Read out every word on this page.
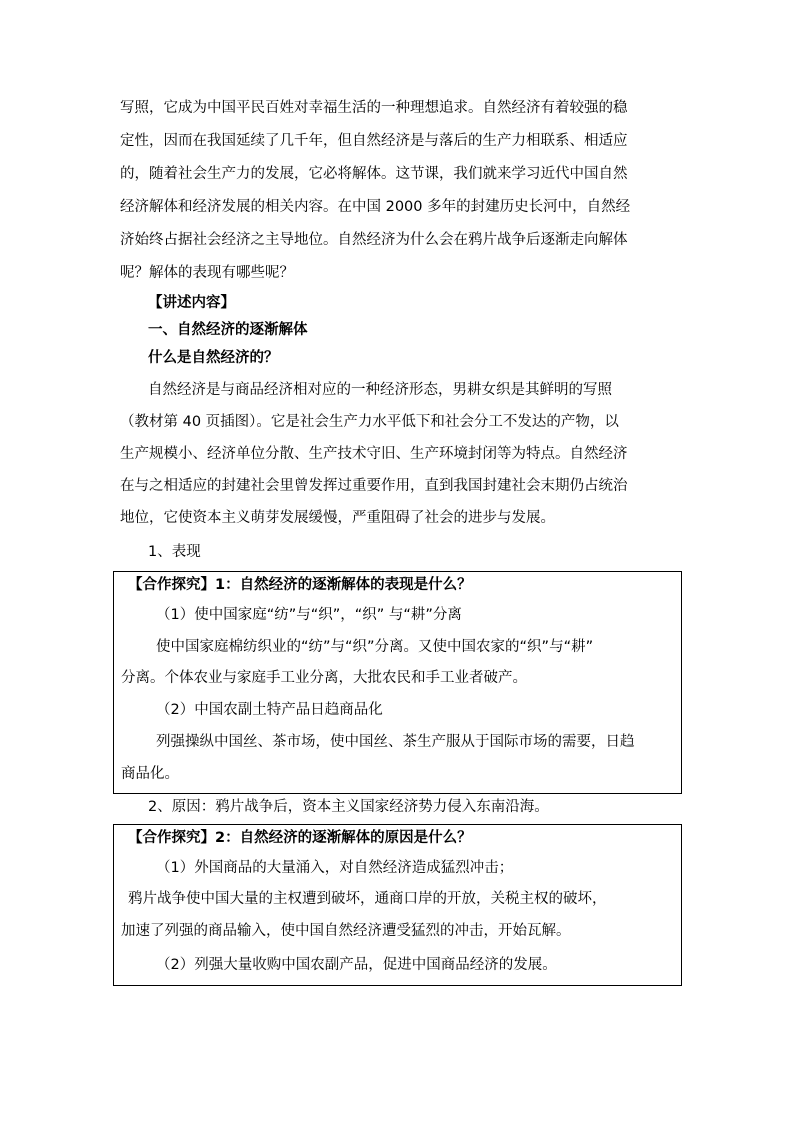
写照，它成为中国平民百姓对幸福生活的一种理想追求。自然经济有着较强的稳
定性，因而在我国延续了几千年，但自然经济是与落后的生产力相联系、相适应
的，随着社会生产力的发展，它必将解体。这节课，我们就来学习近代中国自然
经济解体和经济发展的相关内容。在中国 2000 多年的封建历史长河中，自然经
济始终占据社会经济之主导地位。自然经济为什么会在鸦片战争后逐渐走向解体
呢？解体的表现有哪些呢？
【讲述内容】
一、自然经济的逐渐解体
什么是自然经济的？
自然经济是与商品经济相对应的一种经济形态，男耕女织是其鲜明的写照
（教材第 40 页插图）。它是社会生产力水平低下和社会分工不发达的产物，以
生产规模小、经济单位分散、生产技术守旧、生产环境封闭等为特点。自然经济
在与之相适应的封建社会里曾发挥过重要作用，直到我国封建社会末期仍占统治
地位，它使资本主义萌芽发展缓慢，严重阻碍了社会的进步与发展。
1、表现
【合作探究】1：自然经济的逐渐解体的表现是什么？
（1）使中国家庭“纺”与“织”，“织” 与“耕”分离
使中国家庭棉纺织业的“纺”与“织”分离。又使中国农家的“织”与“耕”
分离。个体农业与家庭手工业分离，大批农民和手工业者破产。
（2）中国农副土特产品日趋商品化
列强操纵中国丝、茶市场，使中国丝、茶生产服从于国际市场的需要，日趋
商品化。
2、原因：鸦片战争后，资本主义国家经济势力侵入东南沿海。
【合作探究】2：自然经济的逐渐解体的原因是什么？
（1）外国商品的大量涌入，对自然经济造成猛烈冲击；
鸦片战争使中国大量的主权遭到破坏，通商口岸的开放，关税主权的破坏，
加速了列强的商品输入，使中国自然经济遭受猛烈的冲击，开始瓦解。
（2）列强大量收购中国农副产品，促进中国商品经济的发展。
